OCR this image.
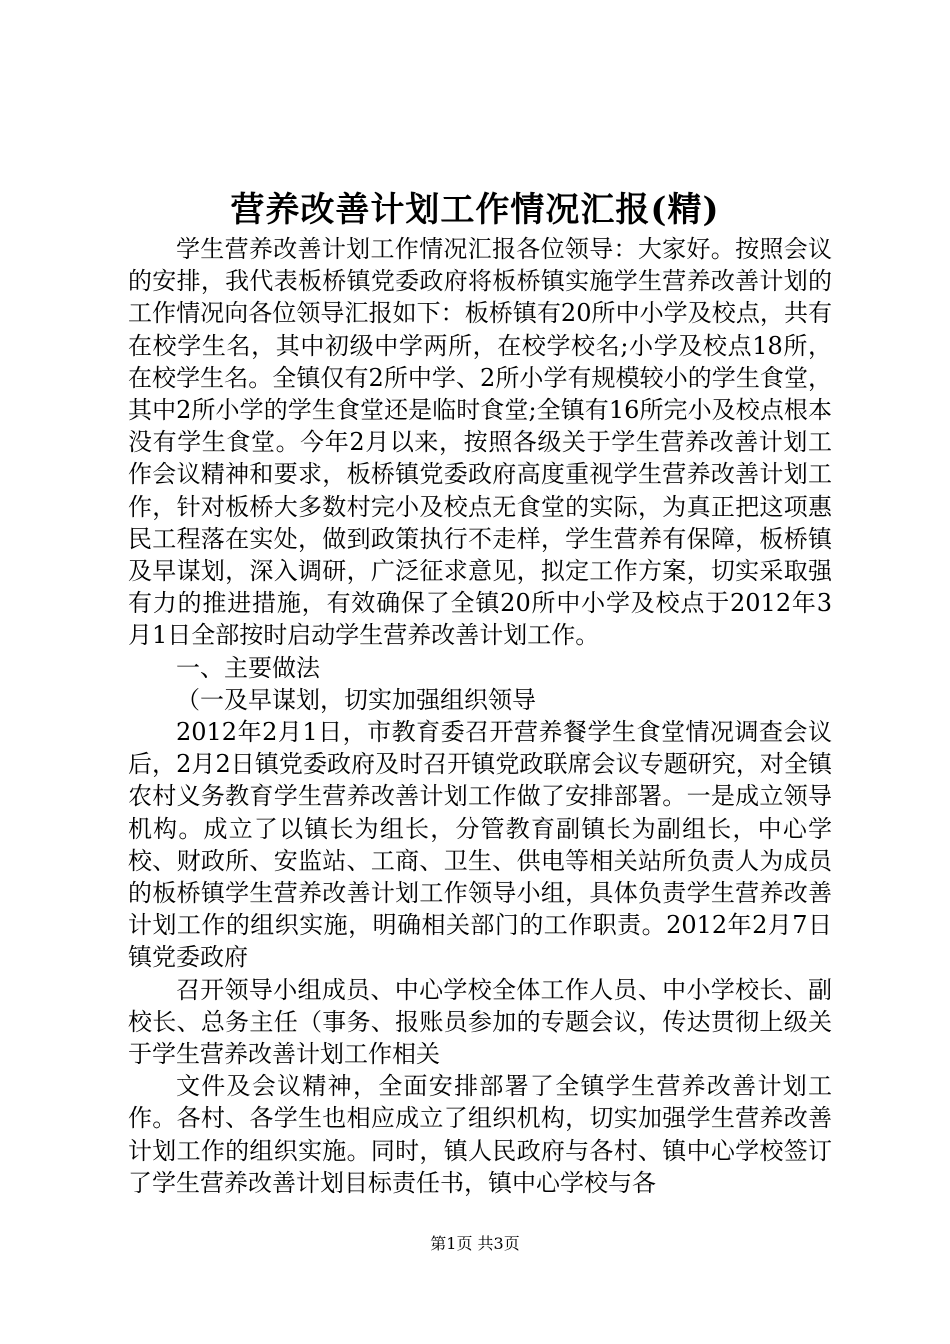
营养改善计划工作情况汇报(精)

学生营养改善计划工作情况汇报各位领导：大家好。按照会议的安排，我代表板桥镇党委政府将板桥镇实施学生营养改善计划的工作情况向各位领导汇报如下：板桥镇有20所中小学及校点，共有在校学生名，其中初级中学两所，在校学校名;小学及校点18所，在校学生名。全镇仅有2所中学、2所小学有规模较小的学生食堂，其中2所小学的学生食堂还是临时食堂;全镇有16所完小及校点根本没有学生食堂。今年2月以来，按照各级关于学生营养改善计划工作会议精神和要求，板桥镇党委政府高度重视学生营养改善计划工作，针对板桥大多数村完小及校点无食堂的实际，为真正把这项惠民工程落在实处，做到政策执行不走样，学生营养有保障，板桥镇及早谋划，深入调研，广泛征求意见，拟定工作方案，切实采取强有力的推进措施，有效确保了全镇20所中小学及校点于2012年3月1日全部按时启动学生营养改善计划工作。

一、主要做法

（一及早谋划，切实加强组织领导

2012年2月1日，市教育委召开营养餐学生食堂情况调查会议后，2月2日镇党委政府及时召开镇党政联席会议专题研究，对全镇农村义务教育学生营养改善计划工作做了安排部署。一是成立领导机构。成立了以镇长为组长，分管教育副镇长为副组长，中心学校、财政所、安监站、工商、卫生、供电等相关站所负责人为成员的板桥镇学生营养改善计划工作领导小组，具体负责学生营养改善计划工作的组织实施，明确相关部门的工作职责。2012年2月7日镇党委政府

召开领导小组成员、中心学校全体工作人员、中小学校长、副校长、总务主任（事务、报账员参加的专题会议，传达贯彻上级关于学生营养改善计划工作相关

文件及会议精神，全面安排部署了全镇学生营养改善计划工作。各村、各学生也相应成立了组织机构，切实加强学生营养改善计划工作的组织实施。同时，镇人民政府与各村、镇中心学校签订了学生营养改善计划目标责任书，镇中心学校与各

第1页 共3页
